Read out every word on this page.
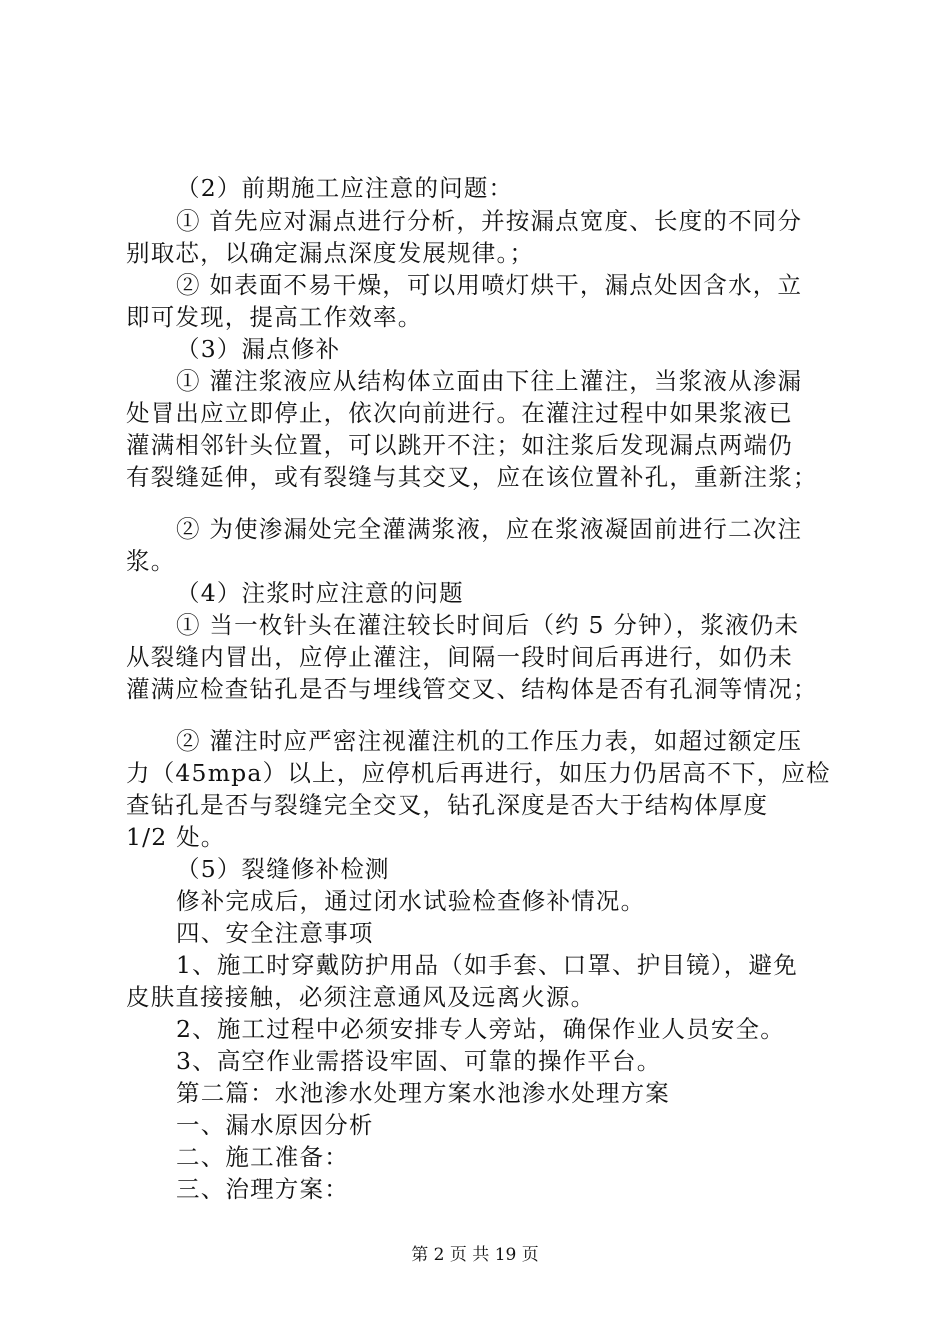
（2）前期施工应注意的问题：
① 首先应对漏点进行分析，并按漏点宽度、长度的不同分
别取芯，以确定漏点深度发展规律。；
② 如表面不易干燥，可以用喷灯烘干，漏点处因含水，立
即可发现，提高工作效率。
（3）漏点修补
① 灌注浆液应从结构体立面由下往上灌注，当浆液从渗漏
处冒出应立即停止，依次向前进行。在灌注过程中如果浆液已
灌满相邻针头位置，可以跳开不注；如注浆后发现漏点两端仍
有裂缝延伸，或有裂缝与其交叉，应在该位置补孔，重新注浆；
② 为使渗漏处完全灌满浆液，应在浆液凝固前进行二次注
浆。
（4）注浆时应注意的问题
① 当一枚针头在灌注较长时间后（约 5 分钟），浆液仍未
从裂缝内冒出，应停止灌注，间隔一段时间后再进行，如仍未
灌满应检查钻孔是否与埋线管交叉、结构体是否有孔洞等情况；
② 灌注时应严密注视灌注机的工作压力表，如超过额定压
力（45mpa）以上，应停机后再进行，如压力仍居高不下，应检
查钻孔是否与裂缝完全交叉，钻孔深度是否大于结构体厚度
1/2 处。
（5）裂缝修补检测
修补完成后，通过闭水试验检查修补情况。
四、安全注意事项
1、施工时穿戴防护用品（如手套、口罩、护目镜），避免
皮肤直接接触，必须注意通风及远离火源。
2、施工过程中必须安排专人旁站，确保作业人员安全。
3、高空作业需搭设牢固、可靠的操作平台。
第二篇：水池渗水处理方案水池渗水处理方案
一、漏水原因分析
二、施工准备：
三、治理方案：
第 2 页 共 19 页
